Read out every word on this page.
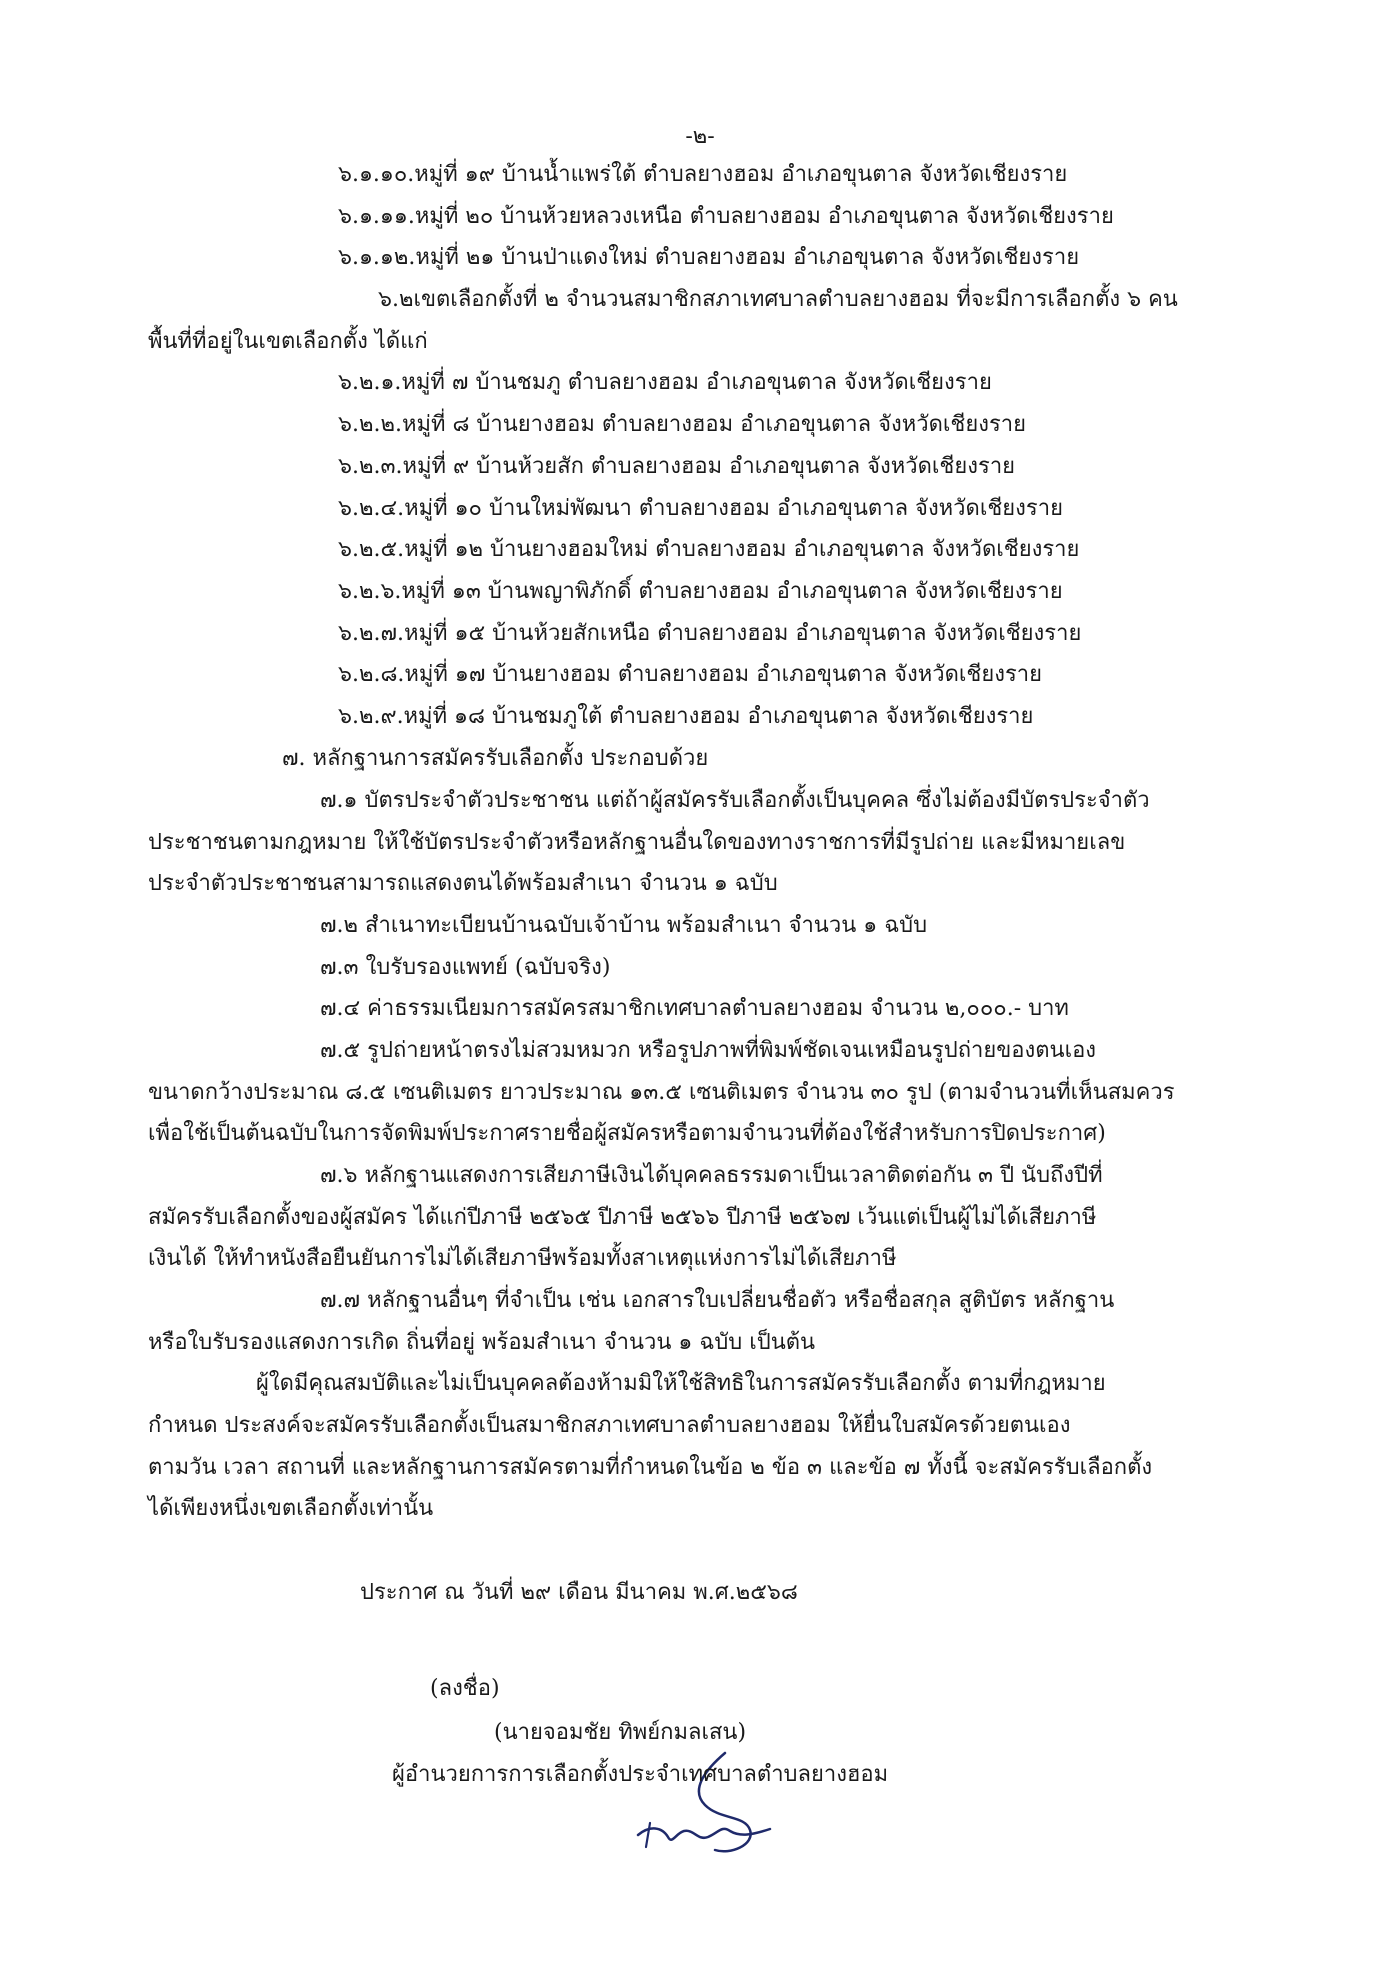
-๒-
๖.๑.๑๐.หมู่ที่ ๑๙ บ้านน้ำแพร่ใต้ ตำบลยางฮอม อำเภอขุนตาล จังหวัดเชียงราย
๖.๑.๑๑.หมู่ที่ ๒๐ บ้านห้วยหลวงเหนือ ตำบลยางฮอม อำเภอขุนตาล จังหวัดเชียงราย
๖.๑.๑๒.หมู่ที่ ๒๑ บ้านป่าแดงใหม่ ตำบลยางฮอม อำเภอขุนตาล จังหวัดเชียงราย
๖.๒เขตเลือกตั้งที่ ๒ จำนวนสมาชิกสภาเทศบาลตำบลยางฮอม ที่จะมีการเลือกตั้ง ๖ คน
พื้นที่ที่อยู่ในเขตเลือกตั้ง ได้แก่
๖.๒.๑.หมู่ที่ ๗ บ้านชมภู ตำบลยางฮอม อำเภอขุนตาล จังหวัดเชียงราย
๖.๒.๒.หมู่ที่ ๘ บ้านยางฮอม ตำบลยางฮอม อำเภอขุนตาล จังหวัดเชียงราย
๖.๒.๓.หมู่ที่ ๙ บ้านห้วยสัก ตำบลยางฮอม อำเภอขุนตาล จังหวัดเชียงราย
๖.๒.๔.หมู่ที่ ๑๐ บ้านใหม่พัฒนา ตำบลยางฮอม อำเภอขุนตาล จังหวัดเชียงราย
๖.๒.๕.หมู่ที่ ๑๒ บ้านยางฮอมใหม่ ตำบลยางฮอม อำเภอขุนตาล จังหวัดเชียงราย
๖.๒.๖.หมู่ที่ ๑๓ บ้านพญาพิภักดิ์ ตำบลยางฮอม อำเภอขุนตาล จังหวัดเชียงราย
๖.๒.๗.หมู่ที่ ๑๕ บ้านห้วยสักเหนือ ตำบลยางฮอม อำเภอขุนตาล จังหวัดเชียงราย
๖.๒.๘.หมู่ที่ ๑๗ บ้านยางฮอม ตำบลยางฮอม อำเภอขุนตาล จังหวัดเชียงราย
๖.๒.๙.หมู่ที่ ๑๘ บ้านชมภูใต้ ตำบลยางฮอม อำเภอขุนตาล จังหวัดเชียงราย
๗. หลักฐานการสมัครรับเลือกตั้ง ประกอบด้วย
๗.๑ บัตรประจำตัวประชาชน แต่ถ้าผู้สมัครรับเลือกตั้งเป็นบุคคล ซึ่งไม่ต้องมีบัตรประจำตัว
ประชาชนตามกฎหมาย ให้ใช้บัตรประจำตัวหรือหลักฐานอื่นใดของทางราชการที่มีรูปถ่าย และมีหมายเลข
ประจำตัวประชาชนสามารถแสดงตนได้พร้อมสำเนา จำนวน ๑ ฉบับ
๗.๒ สำเนาทะเบียนบ้านฉบับเจ้าบ้าน พร้อมสำเนา จำนวน ๑ ฉบับ
๗.๓ ใบรับรองแพทย์ (ฉบับจริง)
๗.๔ ค่าธรรมเนียมการสมัครสมาชิกเทศบาลตำบลยางฮอม จำนวน ๒,๐๐๐.- บาท
๗.๕ รูปถ่ายหน้าตรงไม่สวมหมวก หรือรูปภาพที่พิมพ์ชัดเจนเหมือนรูปถ่ายของตนเอง
ขนาดกว้างประมาณ ๘.๕ เซนติเมตร ยาวประมาณ ๑๓.๕ เซนติเมตร จำนวน ๓๐ รูป (ตามจำนวนที่เห็นสมควร
เพื่อใช้เป็นต้นฉบับในการจัดพิมพ์ประกาศรายชื่อผู้สมัครหรือตามจำนวนที่ต้องใช้สำหรับการปิดประกาศ)
๗.๖ หลักฐานแสดงการเสียภาษีเงินได้บุคคลธรรมดาเป็นเวลาติดต่อกัน ๓ ปี นับถึงปีที่
สมัครรับเลือกตั้งของผู้สมัคร ได้แก่ปีภาษี ๒๕๖๕ ปีภาษี ๒๕๖๖ ปีภาษี ๒๕๖๗ เว้นแต่เป็นผู้ไม่ได้เสียภาษี
เงินได้ ให้ทำหนังสือยืนยันการไม่ได้เสียภาษีพร้อมทั้งสาเหตุแห่งการไม่ได้เสียภาษี
๗.๗ หลักฐานอื่นๆ ที่จำเป็น เช่น เอกสารใบเปลี่ยนชื่อตัว หรือชื่อสกุล สูติบัตร หลักฐาน
หรือใบรับรองแสดงการเกิด ถิ่นที่อยู่ พร้อมสำเนา จำนวน ๑ ฉบับ เป็นต้น
ผู้ใดมีคุณสมบัติและไม่เป็นบุคคลต้องห้ามมิให้ใช้สิทธิในการสมัครรับเลือกตั้ง ตามที่กฎหมาย
กำหนด ประสงค์จะสมัครรับเลือกตั้งเป็นสมาชิกสภาเทศบาลตำบลยางฮอม ให้ยื่นใบสมัครด้วยตนเอง
ตามวัน เวลา สถานที่ และหลักฐานการสมัครตามที่กำหนดในข้อ ๒ ข้อ ๓ และข้อ ๗ ทั้งนี้ จะสมัครรับเลือกตั้ง
ได้เพียงหนึ่งเขตเลือกตั้งเท่านั้น
ประกาศ ณ วันที่ ๒๙ เดือน มีนาคม พ.ศ.๒๕๖๘
(ลงชื่อ)
(นายจอมชัย ทิพย์กมลเสน)
ผู้อำนวยการการเลือกตั้งประจำเทศบาลตำบลยางฮอม
